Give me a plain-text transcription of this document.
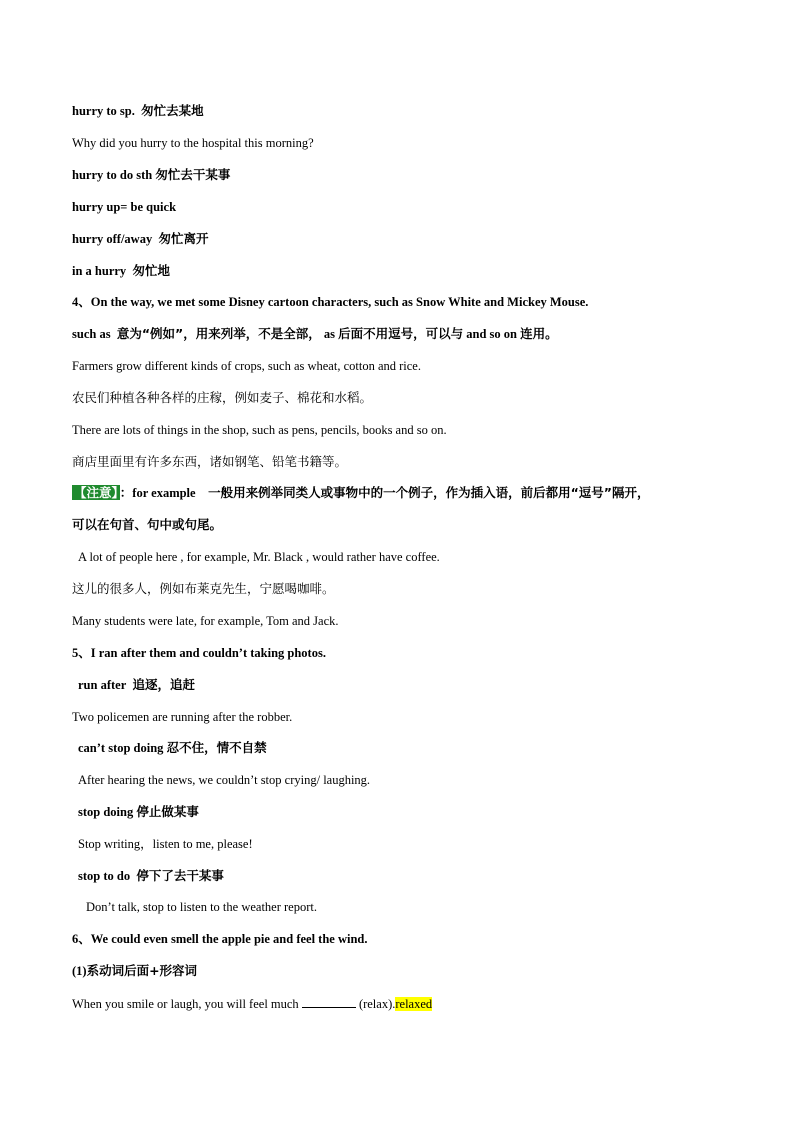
hurry to sp. 匆忙去某地
Why did you hurry to the hospital this morning?
hurry to do sth 匆忙去干某事
hurry up= be quick
hurry off/away 匆忙离开
in a hurry 匆忙地
4、On the way, we met some Disney cartoon characters, such as Snow White and Mickey Mouse.
such as 意为“例如”，用来列举，不是全部， as 后面不用逗号，可以与 and so on 连用。
Farmers grow different kinds of crops, such as wheat, cotton and rice.
农民们种植各种各样的庄稼，例如麦子、棉花和水稻。
There are lots of things in the shop, such as pens, pencils, books and so on.
商店里面里有许多东西，诸如钢笔、铅笔书籍等。
【注意】 ：for example 一般用来例举同类人或事物中的一个例子，作为插入语，前后都用“逗号”隔开，
可以在句首、句中或句尾。
A lot of people here , for example, Mr. Black , would rather have coffee.
这儿的很多人，例如布莱克先生，宁愿喝咖啡。
Many students were late, for example, Tom and Jack.
5、I ran after them and couldn’t taking photos.
run after 追逐，追赶
Two policemen are running after the robber.
can’t stop doing 忍不住，情不自禁
After hearing the news, we couldn’t stop crying/ laughing.
stop doing 停止做某事
Stop writing，listen to me, please!
stop to do 停下了去干某事
Don’t talk, stop to listen to the weather report.
6、We could even smell the apple pie and feel the wind.
(1)系动词后面+形容词
When you smile or laugh, you will feel much	(relax).relaxed
